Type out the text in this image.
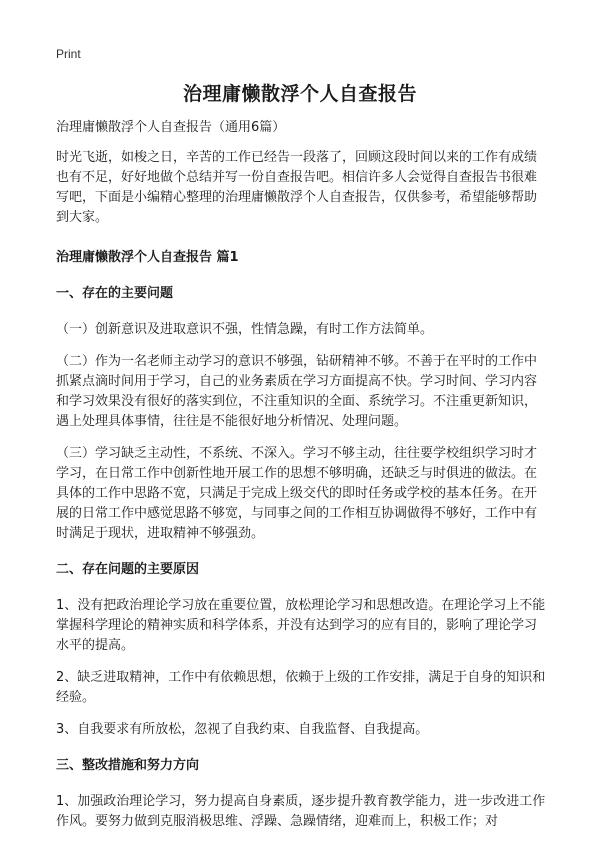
Print
治理庸懒散浮个人自查报告

治理庸懒散浮个人自查报告（通用6篇）

时光飞逝，如梭之日，辛苦的工作已经告一段落了，回顾这段时间以来的工作有成绩也有不足，好好地做个总结并写一份自查报告吧。相信许多人会觉得自查报告书很难写吧，下面是小编精心整理的治理庸懒散浮个人自查报告，仅供参考，希望能够帮助到大家。

治理庸懒散浮个人自查报告 篇1

一、存在的主要问题

（一）创新意识及进取意识不强，性情急躁，有时工作方法简单。

（二）作为一名老师主动学习的意识不够强，钻研精神不够。不善于在平时的工作中抓紧点滴时间用于学习，自己的业务素质在学习方面提高不快。学习时间、学习内容和学习效果没有很好的落实到位，不注重知识的全面、系统学习。不注重更新知识，遇上处理具体事情，往往是不能很好地分析情况、处理问题。

（三）学习缺乏主动性，不系统、不深入。学习不够主动，往往要学校组织学习时才学习，在日常工作中创新性地开展工作的思想不够明确，还缺乏与时俱进的做法。在具体的工作中思路不宽，只满足于完成上级交代的即时任务或学校的基本任务。在开展的日常工作中感觉思路不够宽，与同事之间的工作相互协调做得不够好，工作中有时满足于现状，进取精神不够强劲。

二、存在问题的主要原因

1、没有把政治理论学习放在重要位置，放松理论学习和思想改造。在理论学习上不能掌握科学理论的精神实质和科学体系，并没有达到学习的应有目的，影响了理论学习水平的提高。

2、缺乏进取精神，工作中有依赖思想，依赖于上级的工作安排，满足于自身的知识和经验。

3、自我要求有所放松，忽视了自我约束、自我监督、自我提高。

三、整改措施和努力方向

1、加强政治理论学习，努力提高自身素质，逐步提升教育教学能力，进一步改进工作作风。要努力做到克服消极思维、浮躁、急躁情绪，迎难而上，积极工作；对
